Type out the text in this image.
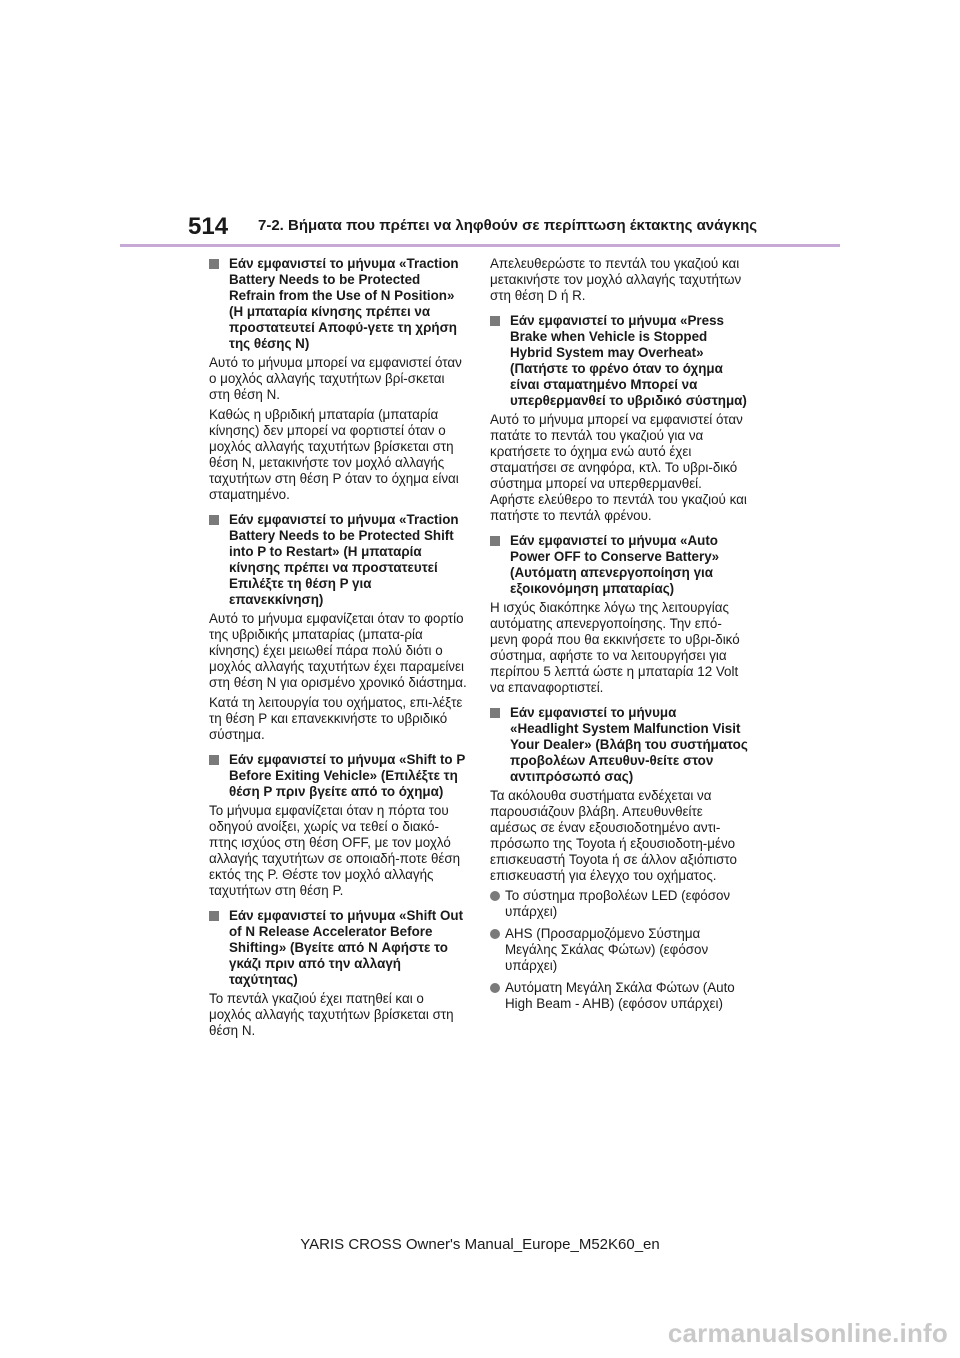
514 7-2. Βήματα που πρέπει να ληφθούν σε περίπτωση έκτακτης ανάγκης
Εάν εμφανιστεί το μήνυμα «Traction Battery Needs to be Protected Refrain from the Use of N Position» (Η μπαταρία κίνησης πρέπει να προστατευτεί Αποφύ-γετε τη χρήση της θέσης N)

Αυτό το μήνυμα μπορεί να εμφανιστεί όταν ο μοχλός αλλαγής ταχυτήτων βρί-σκεται στη θέση N.

Καθώς η υβριδική μπαταρία (μπαταρία κίνησης) δεν μπορεί να φορτιστεί όταν ο μοχλός αλλαγής ταχυτήτων βρίσκεται στη θέση N, μετακινήστε τον μοχλό αλλαγής ταχυτήτων στη θέση P όταν το όχημα είναι σταματημένο.

Εάν εμφανιστεί το μήνυμα «Traction Battery Needs to be Protected Shift into P to Restart» (Η μπαταρία κίνησης πρέπει να προστατευτεί Επιλέξτε τη θέση P για επανεκκίνηση)

Αυτό το μήνυμα εμφανίζεται όταν το φορτίο της υβριδικής μπαταρίας (μπατα-ρία κίνησης) έχει μειωθεί πάρα πολύ διότι ο μοχλός αλλαγής ταχυτήτων έχει παραμείνει στη θέση N για ορισμένο χρονικό διάστημα.

Κατά τη λειτουργία του οχήματος, επι-λέξτε τη θέση P και επανεκκινήστε το υβριδικό σύστημα.

Εάν εμφανιστεί το μήνυμα «Shift to P Before Exiting Vehicle» (Επιλέξτε τη θέση P πριν βγείτε από το όχημα)

Το μήνυμα εμφανίζεται όταν η πόρτα του οδηγού ανοίξει, χωρίς να τεθεί ο διακό-πτης ισχύος στη θέση OFF, με τον μοχλό αλλαγής ταχυτήτων σε οποιαδή-ποτε θέση εκτός της P. Θέστε τον μοχλό αλλαγής ταχυτήτων στη θέση P.

Εάν εμφανιστεί το μήνυμα «Shift Out of N Release Accelerator Before Shifting» (Βγείτε από N Αφήστε το γκάζι πριν από την αλλαγή ταχύτητας)

Το πεντάλ γκαζιού έχει πατηθεί και ο μοχλός αλλαγής ταχυτήτων βρίσκεται στη θέση N.

Απελευθερώστε το πεντάλ του γκαζιού και μετακινήστε τον μοχλό αλλαγής ταχυτήτων στη θέση D ή R.

Εάν εμφανιστεί το μήνυμα «Press Brake when Vehicle is Stopped Hybrid System may Overheat» (Πατήστε το φρένο όταν το όχημα είναι σταματημένο Μπορεί να υπερθερμανθεί το υβριδικό σύστημα)

Αυτό το μήνυμα μπορεί να εμφανιστεί όταν πατάτε το πεντάλ του γκαζιού για να κρατήσετε το όχημα ενώ αυτό έχει σταματήσει σε ανηφόρα, κτλ. Το υβρι-δικό σύστημα μπορεί να υπερθερμανθεί. Αφήστε ελεύθερο το πεντάλ του γκαζιού και πατήστε το πεντάλ φρένου.

Εάν εμφανιστεί το μήνυμα «Auto Power OFF to Conserve Battery» (Αυτόματη απενεργοποίηση για εξοικονόμηση μπαταρίας)

Η ισχύς διακόπηκε λόγω της λειτουργίας αυτόματης απενεργοποίησης. Την επό-μενη φορά που θα εκκινήσετε το υβρι-δικό σύστημα, αφήστε το να λειτουργήσει για περίπου 5 λεπτά ώστε η μπαταρία 12 Volt να επαναφορτιστεί.

Εάν εμφανιστεί το μήνυμα «Headlight System Malfunction Visit Your Dealer» (Βλάβη του συστήματος προβολέων Απευθυν-θείτε στον αντιπρόσωπό σας)

Τα ακόλουθα συστήματα ενδέχεται να παρουσιάζουν βλάβη. Απευθυνθείτε αμέσως σε έναν εξουσιοδοτημένο αντι-πρόσωπο της Toyota ή εξουσιοδοτη-μένο επισκευαστή Toyota ή σε άλλον αξιόπιστο επισκευαστή για έλεγχο του οχήματος.

Το σύστημα προβολέων LED (εφόσον υπάρχει)
AHS (Προσαρμοζόμενο Σύστημα Μεγάλης Σκάλας Φώτων) (εφόσον υπάρχει)
Αυτόματη Μεγάλη Σκάλα Φώτων (Auto High Beam - AHB) (εφόσον υπάρχει)
YARIS CROSS Owner's Manual_Europe_M52K60_en
carmanualsonline.info
